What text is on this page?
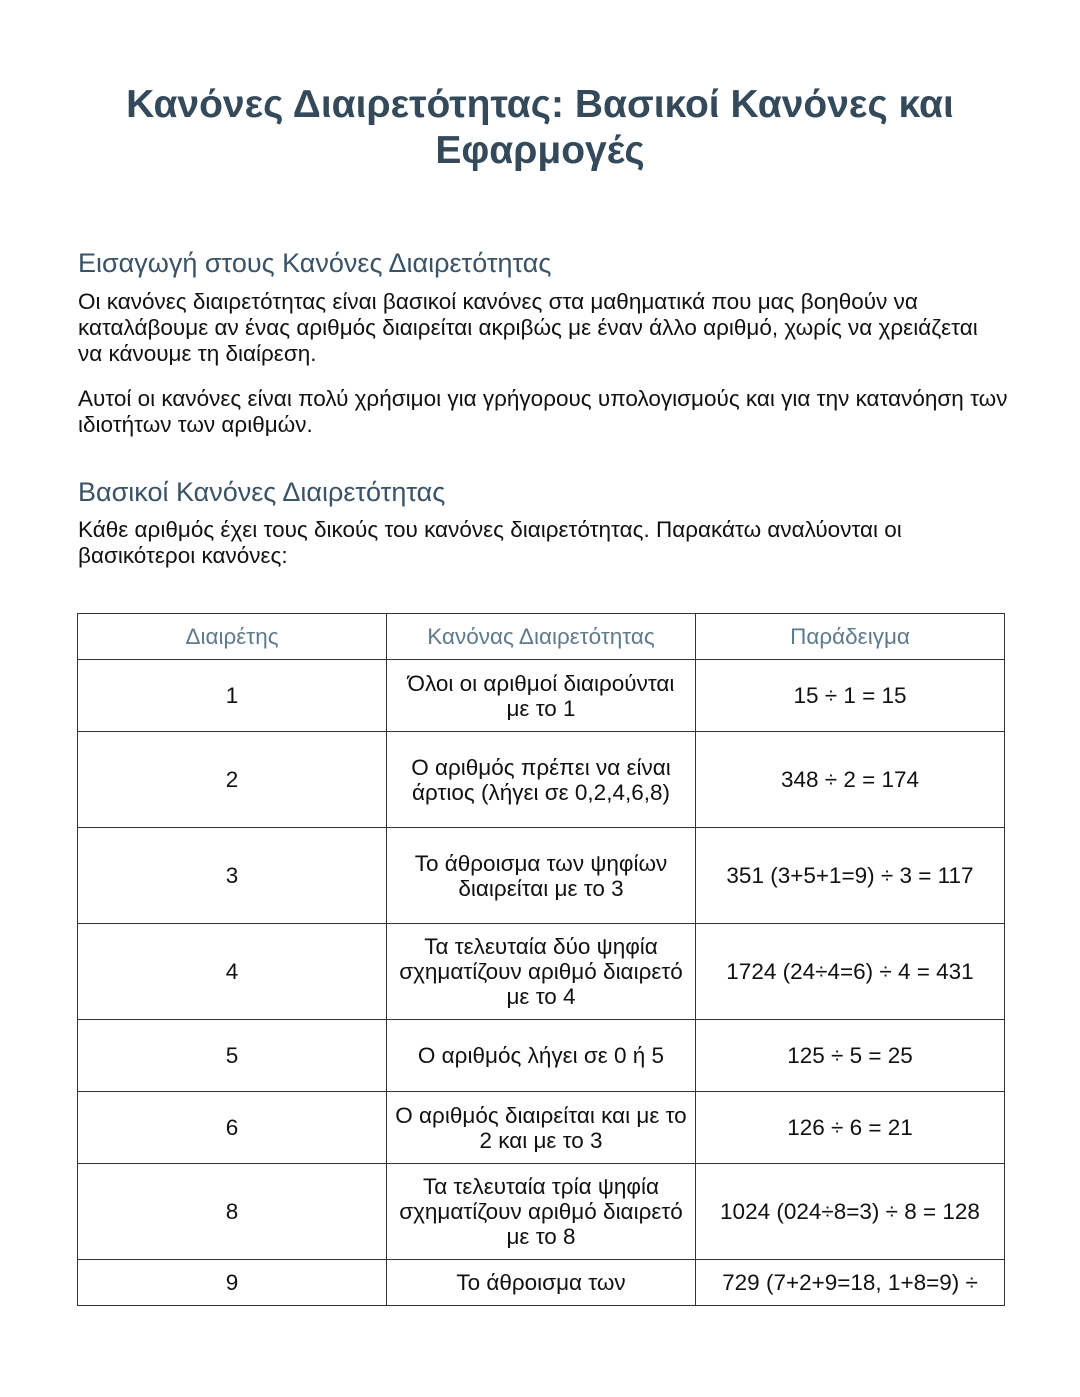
Κανόνες Διαιρετότητας: Βασικοί Κανόνες και Εφαρμογές
Εισαγωγή στους Κανόνες Διαιρετότητας

Οι κανόνες διαιρετότητας είναι βασικοί κανόνες στα μαθηματικά που μας βοηθούν να καταλάβουμε αν ένας αριθμός διαιρείται ακριβώς με έναν άλλο αριθμό, χωρίς να χρειάζεται να κάνουμε τη διαίρεση.

Αυτοί οι κανόνες είναι πολύ χρήσιμοι για γρήγορους υπολογισμούς και για την κατανόηση των ιδιοτήτων των αριθμών.

Βασικοί Κανόνες Διαιρετότητας

Κάθε αριθμός έχει τους δικούς του κανόνες διαιρετότητας. Παρακάτω αναλύονται οι βασικότεροι κανόνες:

Διαιρέτης	Κανόνας Διαιρετότητας	Παράδειγμα
1	Όλοι οι αριθμοί διαιρούνται με το 1	15 ÷ 1 = 15
2	Ο αριθμός πρέπει να είναι άρτιος (λήγει σε 0,2,4,6,8)	348 ÷ 2 = 174
3	Το άθροισμα των ψηφίων διαιρείται με το 3	351 (3+5+1=9) ÷ 3 = 117
4	Τα τελευταία δύο ψηφία σχηματίζουν αριθμό διαιρετό με το 4	1724 (24÷4=6) ÷ 4 = 431
5	Ο αριθμός λήγει σε 0 ή 5	125 ÷ 5 = 25
6	Ο αριθμός διαιρείται και με το 2 και με το 3	126 ÷ 6 = 21
8	Τα τελευταία τρία ψηφία σχηματίζουν αριθμό διαιρετό με το 8	1024 (024÷8=3) ÷ 8 = 128
9	Το άθροισμα των	729 (7+2+9=18, 1+8=9) ÷
